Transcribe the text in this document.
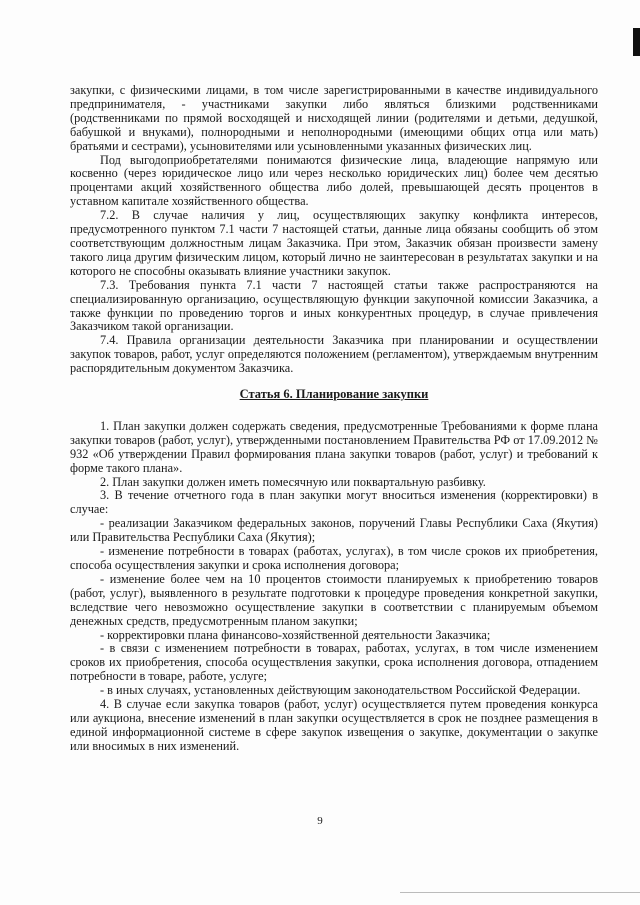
закупки, с физическими лицами, в том числе зарегистрированными в качестве индивидуального предпринимателя, - участниками закупки либо являться близкими родственниками (родственниками по прямой восходящей и нисходящей линии (родителями и детьми, дедушкой, бабушкой и внуками), полнородными и неполнородными (имеющими общих отца или мать) братьями и сестрами), усыновителями или усыновленными указанных физических лиц.

Под выгодоприобретателями понимаются физические лица, владеющие напрямую или косвенно (через юридическое лицо или через несколько юридических лиц) более чем десятью процентами акций хозяйственного общества либо долей, превышающей десять процентов в уставном капитале хозяйственного общества.

7.2. В случае наличия у лиц, осуществляющих закупку конфликта интересов, предусмотренного пунктом 7.1 части 7 настоящей статьи, данные лица обязаны сообщить об этом соответствующим должностным лицам Заказчика. При этом, Заказчик обязан произвести замену такого лица другим физическим лицом, который лично не заинтересован в результатах закупки и на которого не способны оказывать влияние участники закупок.

7.3. Требования пункта 7.1 части 7 настоящей статьи также распространяются на специализированную организацию, осуществляющую функции закупочной комиссии Заказчика, а также функции по проведению торгов и иных конкурентных процедур, в случае привлечения Заказчиком такой организации.

7.4. Правила организации деятельности Заказчика при планировании и осуществлении закупок товаров, работ, услуг определяются положением (регламентом), утверждаемым внутренним распорядительным документом Заказчика.

Статья 6. Планирование закупки

1. План закупки должен содержать сведения, предусмотренные Требованиями к форме плана закупки товаров (работ, услуг), утвержденными постановлением Правительства РФ от 17.09.2012 № 932 «Об утверждении Правил формирования плана закупки товаров (работ, услуг) и требований к форме такого плана».

2. План закупки должен иметь помесячную или поквартальную разбивку.

3. В течение отчетного года в план закупки могут вноситься изменения (корректировки) в случае:

- реализации Заказчиком федеральных законов, поручений Главы Республики Саха (Якутия) или Правительства Республики Саха (Якутия);

- изменение потребности в товарах (работах, услугах), в том числе сроков их приобретения, способа осуществления закупки и срока исполнения договора;

- изменение более чем на 10 процентов стоимости планируемых к приобретению товаров (работ, услуг), выявленного в результате подготовки к процедуре проведения конкретной закупки, вследствие чего невозможно осуществление закупки в соответствии с планируемым объемом денежных средств, предусмотренным планом закупки;

- корректировки плана финансово-хозяйственной деятельности Заказчика;

- в связи с изменением потребности в товарах, работах, услугах, в том числе изменением сроков их приобретения, способа осуществления закупки, срока исполнения договора, отпадением потребности в товаре, работе, услуге;

- в иных случаях, установленных действующим законодательством Российской Федерации.

4. В случае если закупка товаров (работ, услуг) осуществляется путем проведения конкурса или аукциона, внесение изменений в план закупки осуществляется в срок не позднее размещения в единой информационной системе в сфере закупок извещения о закупке, документации о закупке или вносимых в них изменений.

9
